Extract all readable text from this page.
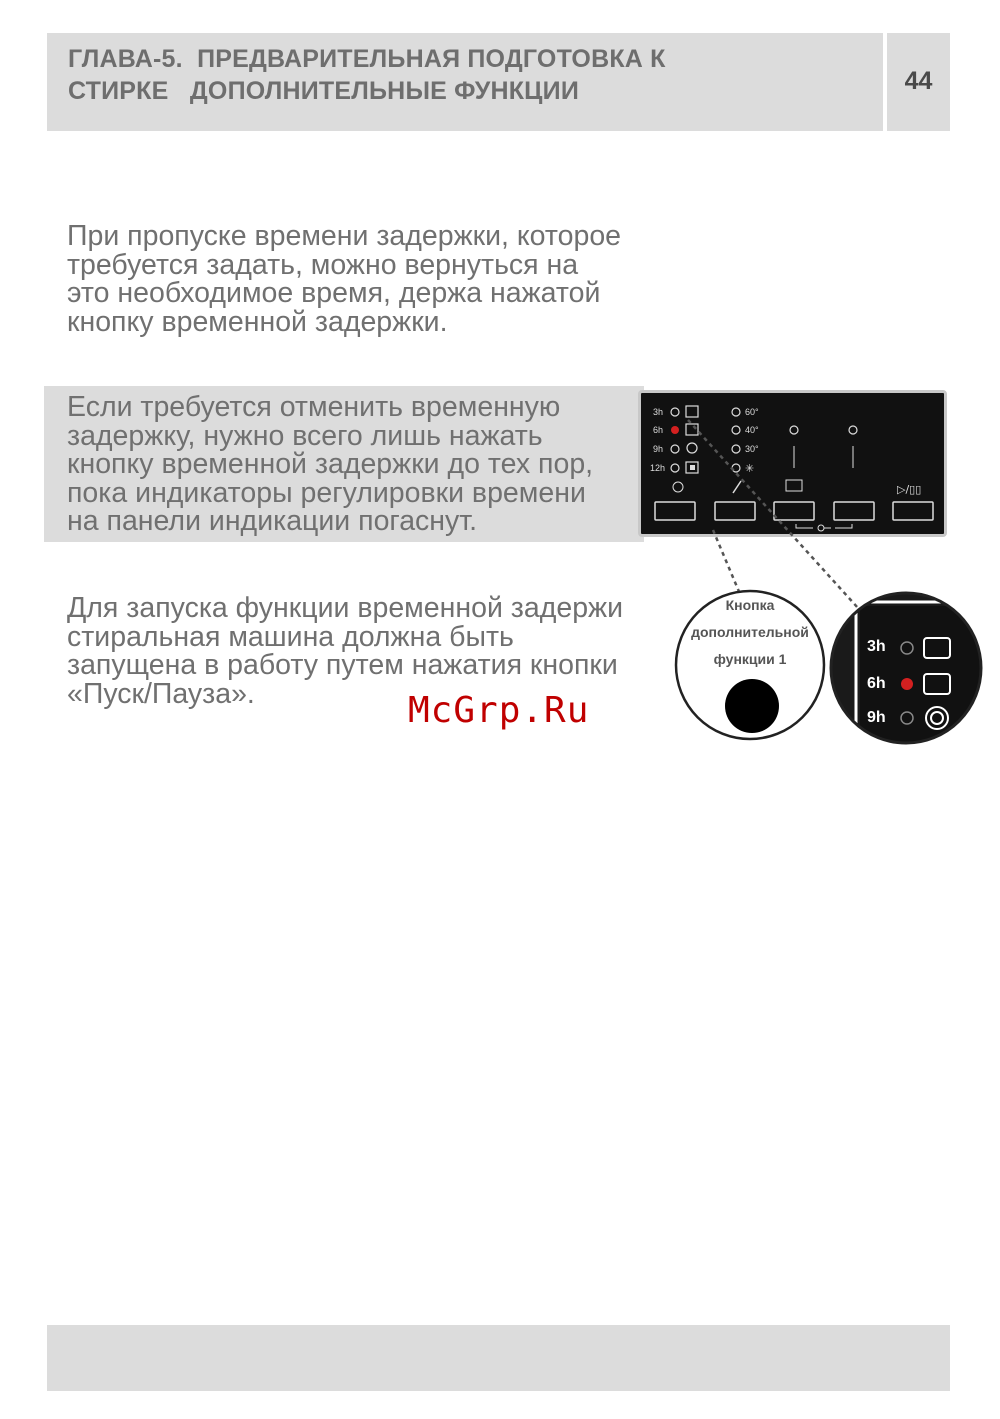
ГЛАВА-5.  ПРЕДВАРИТЕЛЬНАЯ ПОДГОТОВКА К
СТИРКЕ   ДОПОЛНИТЕЛЬНЫЕ ФУНКЦИИ	44
При пропуске времени задержки, которое
требуется задать, можно вернуться на
это необходимое время, держа нажатой
кнопку временной задержки.
Если требуется отменить временную
задержку, нужно всего лишь нажать
кнопку временной задержки до тех пор,
пока индикаторы регулировки времени
на панели индикации погаснут.
3h
6h
9h
12h
60°
40°
30°
✳
▷/▯▯
Кнопка
дополнительной
функции 1
3h
6h
9h
Для запуска функции временной задержи
стиральная машина должна быть
запущена в работу путем нажатия кнопки
«Пуск/Пауза».	McGrp.Ru
